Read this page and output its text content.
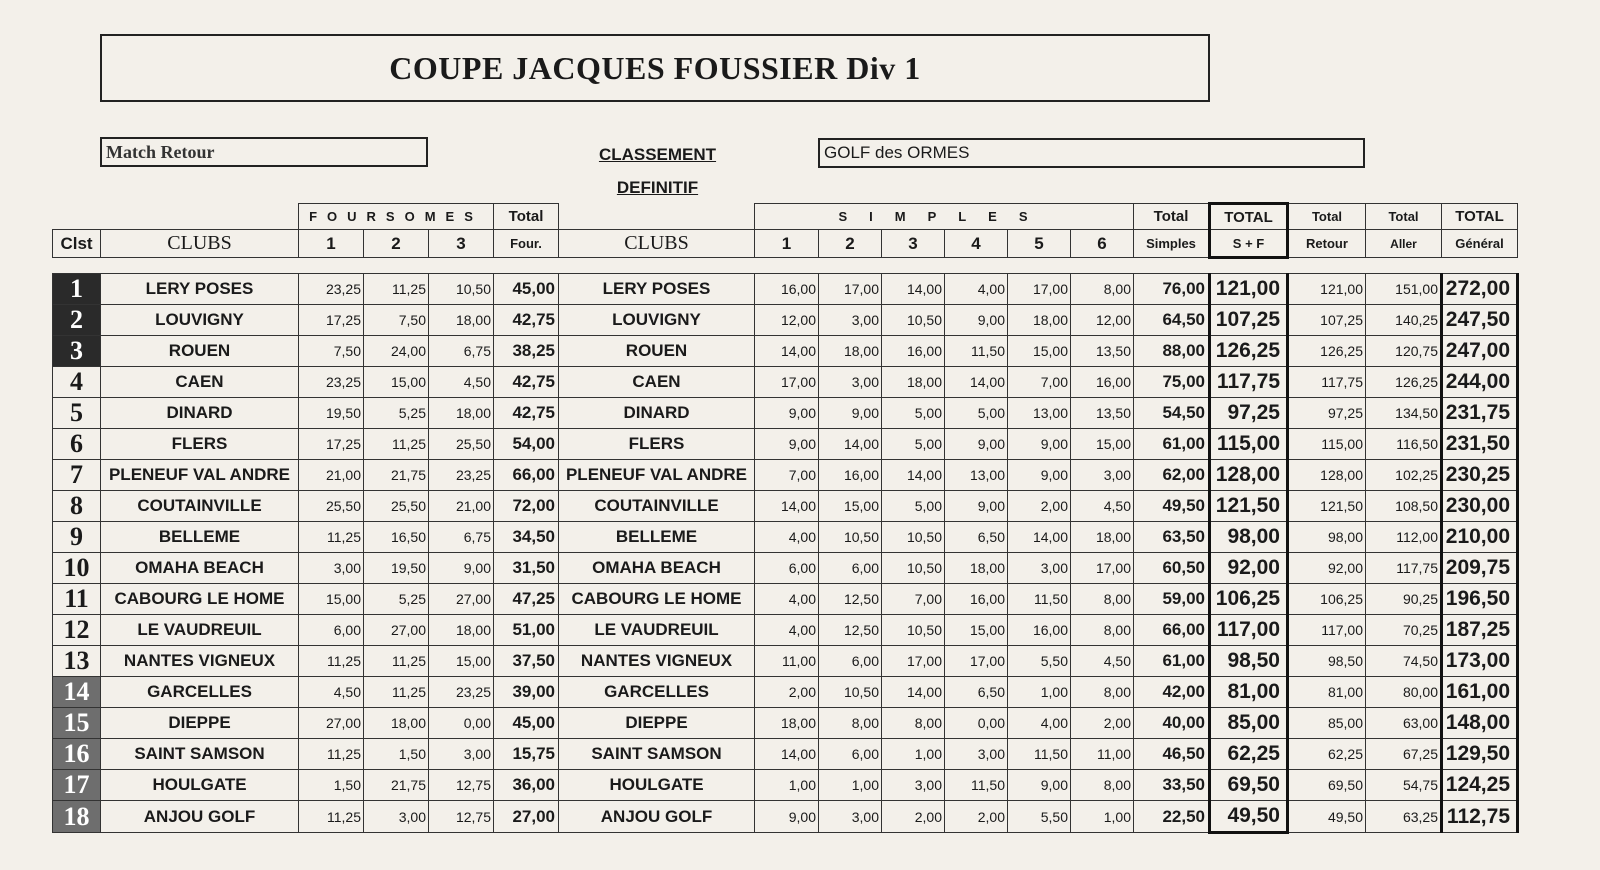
COUPE JACQUES FOUSSIER Div 1
Match Retour	CLASSEMENT
DEFINITIF
GOLF des ORMES
		FOURSOMES			Total		SIMPLES						Total	TOTAL	Total	Total	TOTAL
Clst	CLUBS	1	2	3	Four.	CLUBS	1	2	3	4	5	6	Simples	S + F	Retour	Aller	Général

1	LERY POSES	23,25	11,25	10,50	45,00	LERY POSES	16,00	17,00	14,00	4,00	17,00	8,00	76,00	121,00	121,00	151,00	272,00
2	LOUVIGNY	17,25	7,50	18,00	42,75	LOUVIGNY	12,00	3,00	10,50	9,00	18,00	12,00	64,50	107,25	107,25	140,25	247,50
3	ROUEN	7,50	24,00	6,75	38,25	ROUEN	14,00	18,00	16,00	11,50	15,00	13,50	88,00	126,25	126,25	120,75	247,00
4	CAEN	23,25	15,00	4,50	42,75	CAEN	17,00	3,00	18,00	14,00	7,00	16,00	75,00	117,75	117,75	126,25	244,00
5	DINARD	19,50	5,25	18,00	42,75	DINARD	9,00	9,00	5,00	5,00	13,00	13,50	54,50	97,25	97,25	134,50	231,75
6	FLERS	17,25	11,25	25,50	54,00	FLERS	9,00	14,00	5,00	9,00	9,00	15,00	61,00	115,00	115,00	116,50	231,50
7	PLENEUF VAL ANDRE	21,00	21,75	23,25	66,00	PLENEUF VAL ANDRE	7,00	16,00	14,00	13,00	9,00	3,00	62,00	128,00	128,00	102,25	230,25
8	COUTAINVILLE	25,50	25,50	21,00	72,00	COUTAINVILLE	14,00	15,00	5,00	9,00	2,00	4,50	49,50	121,50	121,50	108,50	230,00
9	BELLEME	11,25	16,50	6,75	34,50	BELLEME	4,00	10,50	10,50	6,50	14,00	18,00	63,50	98,00	98,00	112,00	210,00
10	OMAHA BEACH	3,00	19,50	9,00	31,50	OMAHA BEACH	6,00	6,00	10,50	18,00	3,00	17,00	60,50	92,00	92,00	117,75	209,75
11	CABOURG LE HOME	15,00	5,25	27,00	47,25	CABOURG LE HOME	4,00	12,50	7,00	16,00	11,50	8,00	59,00	106,25	106,25	90,25	196,50
12	LE VAUDREUIL	6,00	27,00	18,00	51,00	LE VAUDREUIL	4,00	12,50	10,50	15,00	16,00	8,00	66,00	117,00	117,00	70,25	187,25
13	NANTES VIGNEUX	11,25	11,25	15,00	37,50	NANTES VIGNEUX	11,00	6,00	17,00	17,00	5,50	4,50	61,00	98,50	98,50	74,50	173,00
14	GARCELLES	4,50	11,25	23,25	39,00	GARCELLES	2,00	10,50	14,00	6,50	1,00	8,00	42,00	81,00	81,00	80,00	161,00
15	DIEPPE	27,00	18,00	0,00	45,00	DIEPPE	18,00	8,00	8,00	0,00	4,00	2,00	40,00	85,00	85,00	63,00	148,00
16	SAINT SAMSON	11,25	1,50	3,00	15,75	SAINT SAMSON	14,00	6,00	1,00	3,00	11,50	11,00	46,50	62,25	62,25	67,25	129,50
17	HOULGATE	1,50	21,75	12,75	36,00	HOULGATE	1,00	1,00	3,00	11,50	9,00	8,00	33,50	69,50	69,50	54,75	124,25
18	ANJOU GOLF	11,25	3,00	12,75	27,00	ANJOU GOLF	9,00	3,00	2,00	2,00	5,50	1,00	22,50	49,50	49,50	63,25	112,75
